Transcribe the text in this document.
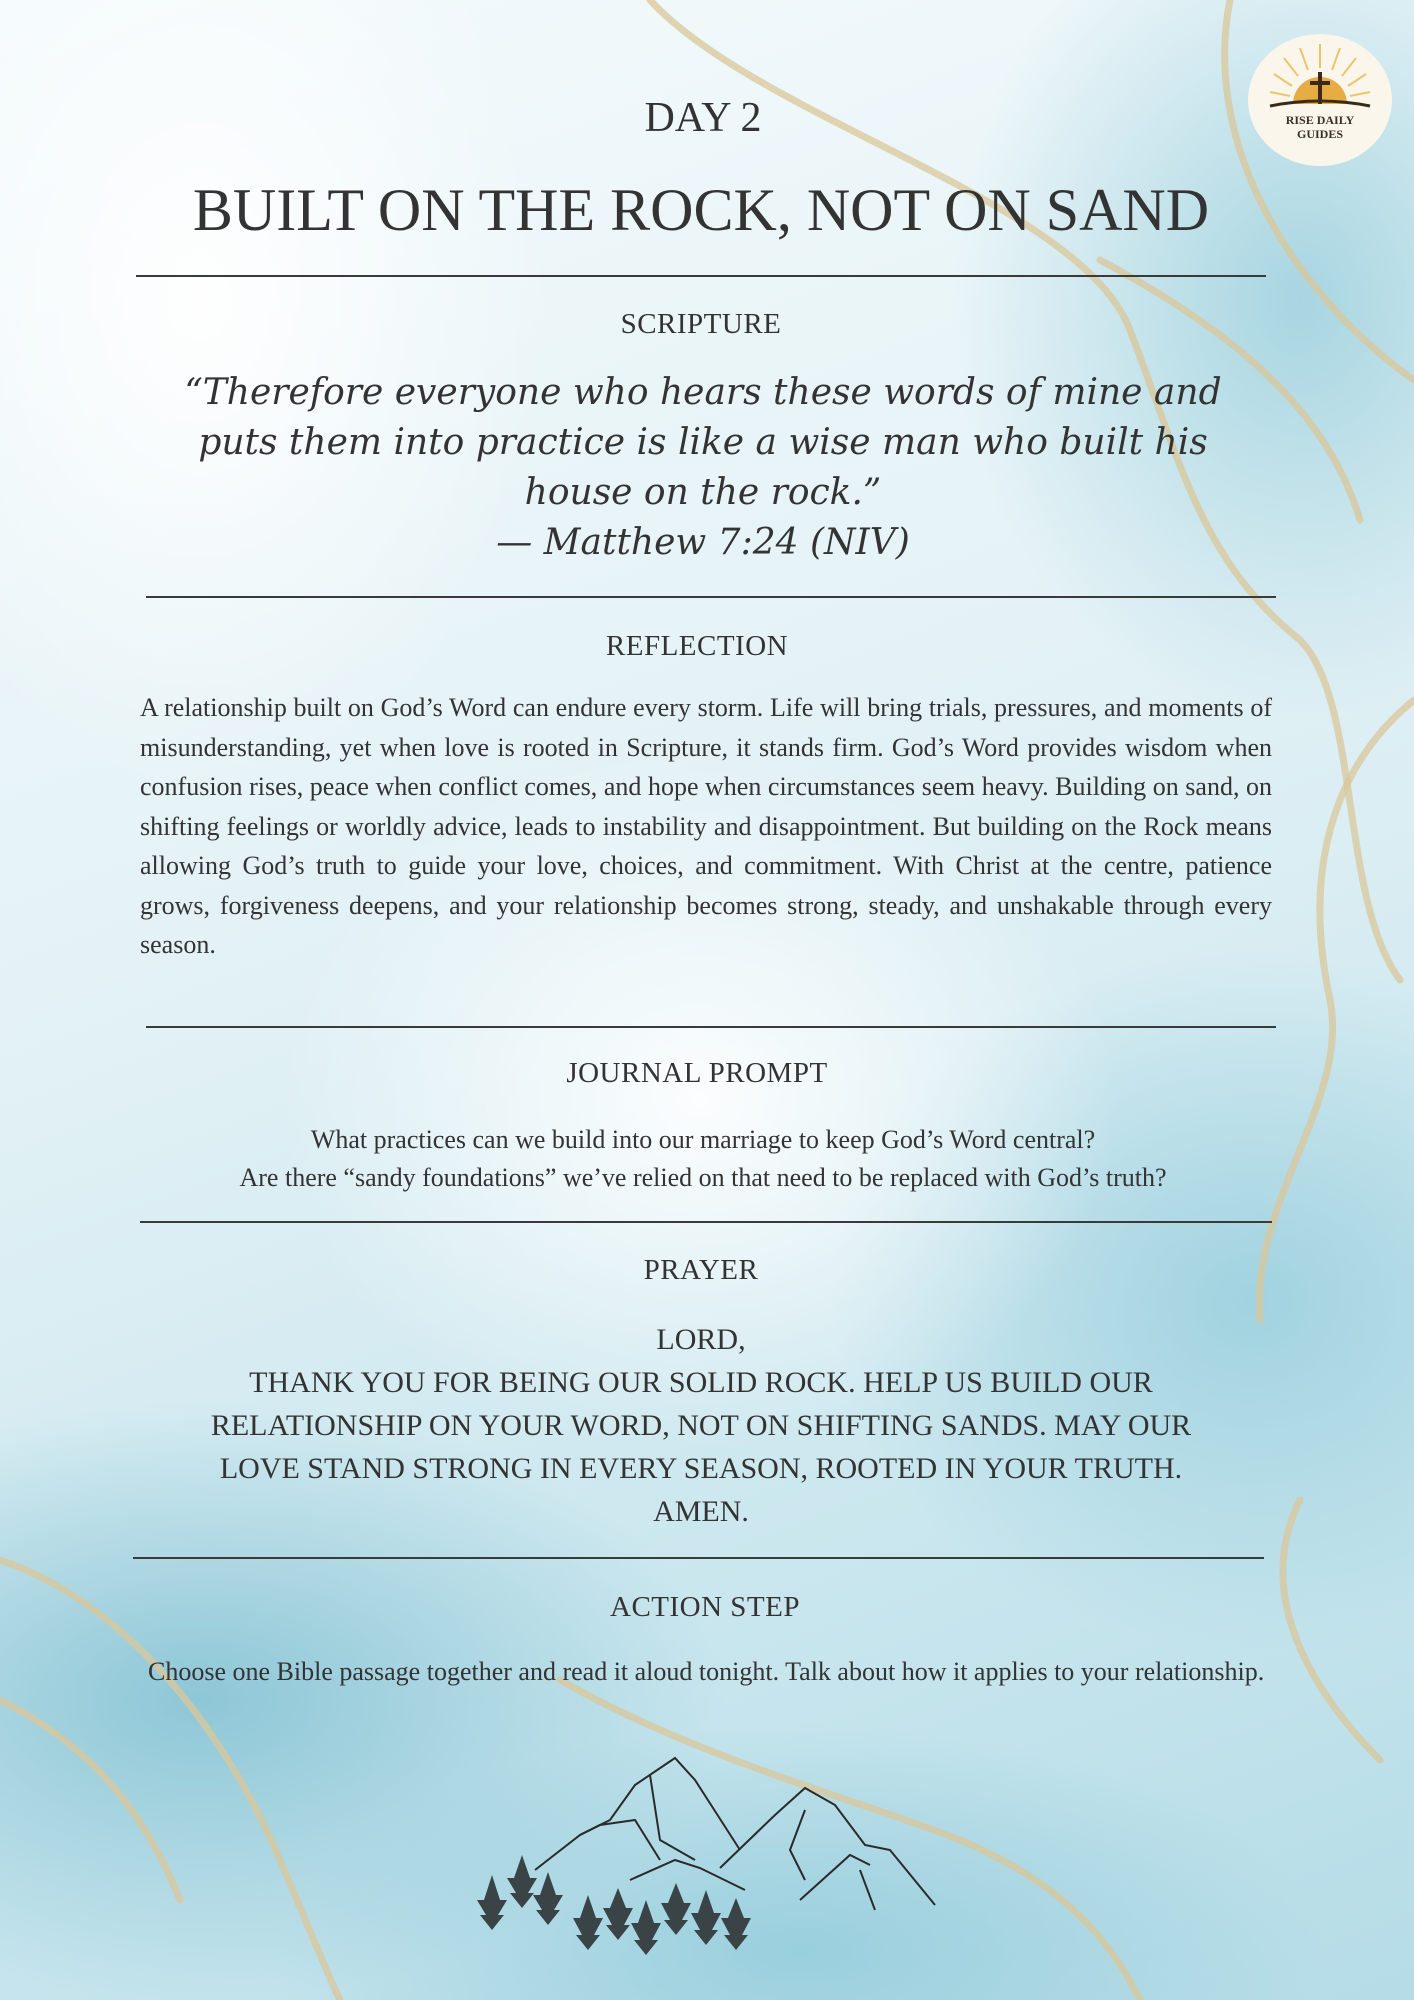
RISE DAILY
GUIDES
DAY 2
BUILT ON THE ROCK, NOT ON SAND
SCRIPTURE
“Therefore everyone who hears these words of mine and
puts them into practice is like a wise man who built his
house on the rock.”
— Matthew 7:24 (NIV)
REFLECTION
A relationship built on God’s Word can endure every storm. Life will bring trials, pressures, and moments of misunderstanding, yet when love is rooted in Scripture, it stands firm. God’s Word provides wisdom when confusion rises, peace when conflict comes, and hope when circumstances seem heavy. Building on sand, on shifting feelings or worldly advice, leads to instability and disappointment. But building on the Rock means allowing God’s truth to guide your love, choices, and commitment. With Christ at the centre, patience grows, forgiveness deepens, and your relationship becomes strong, steady, and unshakable through every season.
JOURNAL PROMPT
What practices can we build into our marriage to keep God’s Word central?
Are there “sandy foundations” we’ve relied on that need to be replaced with God’s truth?
PRAYER
LORD,
THANK YOU FOR BEING OUR SOLID ROCK. HELP US BUILD OUR
RELATIONSHIP ON YOUR WORD, NOT ON SHIFTING SANDS. MAY OUR
LOVE STAND STRONG IN EVERY SEASON, ROOTED IN YOUR TRUTH.
AMEN.
ACTION STEP
Choose one Bible passage together and read it aloud tonight. Talk about how it applies to your relationship.
